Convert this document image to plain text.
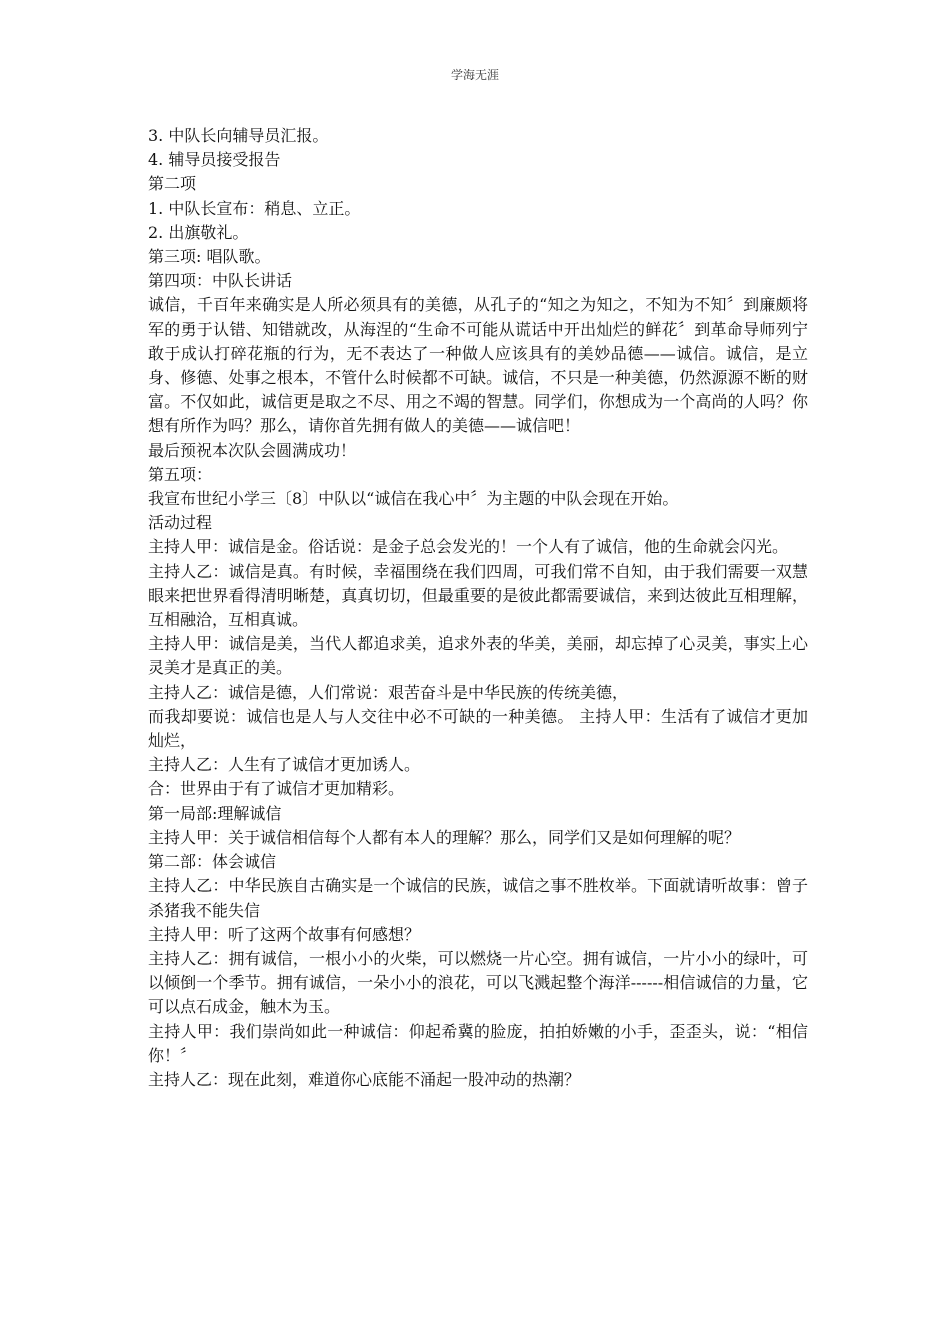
学海无涯

3. 中队长向辅导员汇报。

4. 辅导员接受报告

第二项

1. 中队长宣布：稍息、立正。

2. 出旗敬礼。

第三项: 唱队歌。

第四项：中队长讲话

诚信，千百年来确实是人所必须具有的美德，从孔子的“知之为知之，不知为不知〞到廉颇将军的勇于认错、知错就改，从海涅的“生命不可能从谎话中开出灿烂的鲜花〞到革命导师列宁敢于成认打碎花瓶的行为，无不表达了一种做人应该具有的美妙品德——诚信。诚信，是立身、修德、处事之根本，不管什么时候都不可缺。诚信，不只是一种美德，仍然源源不断的财富。不仅如此，诚信更是取之不尽、用之不竭的智慧。同学们，你想成为一个高尚的人吗？你想有所作为吗？那么，请你首先拥有做人的美德——诚信吧！

最后预祝本次队会圆满成功！

第五项：

我宣布世纪小学三〔8〕中队以“诚信在我心中〞为主题的中队会现在开始。

活动过程

主持人甲：诚信是金。俗话说：是金子总会发光的！一个人有了诚信，他的生命就会闪光。

主持人乙：诚信是真。有时候，幸福围绕在我们四周，可我们常不自知，由于我们需要一双慧眼来把世界看得清明晰楚，真真切切，但最重要的是彼此都需要诚信，来到达彼此互相理解，互相融洽，互相真诚。

主持人甲：诚信是美，当代人都追求美，追求外表的华美，美丽，却忘掉了心灵美，事实上心灵美才是真正的美。

主持人乙：诚信是德，人们常说：艰苦奋斗是中华民族的传统美德，

而我却要说：诚信也是人与人交往中必不可缺的一种美德。 主持人甲：生活有了诚信才更加灿烂，

主持人乙：人生有了诚信才更加诱人。

合：世界由于有了诚信才更加精彩。

第一局部:理解诚信

主持人甲：关于诚信相信每个人都有本人的理解？那么，同学们又是如何理解的呢？

第二部：体会诚信

主持人乙：中华民族自古确实是一个诚信的民族，诚信之事不胜枚举。下面就请听故事：曾子杀猪我不能失信

主持人甲：听了这两个故事有何感想？

主持人乙：拥有诚信，一根小小的火柴，可以燃烧一片心空。拥有诚信，一片小小的绿叶，可以倾倒一个季节。拥有诚信，一朵小小的浪花，可以飞溅起整个海洋------相信诚信的力量，它可以点石成金，触木为玉。

主持人甲：我们崇尚如此一种诚信：仰起希冀的脸庞，拍拍娇嫩的小手，歪歪头，说：“相信你！〞

主持人乙：现在此刻，难道你心底能不涌起一股冲动的热潮？
